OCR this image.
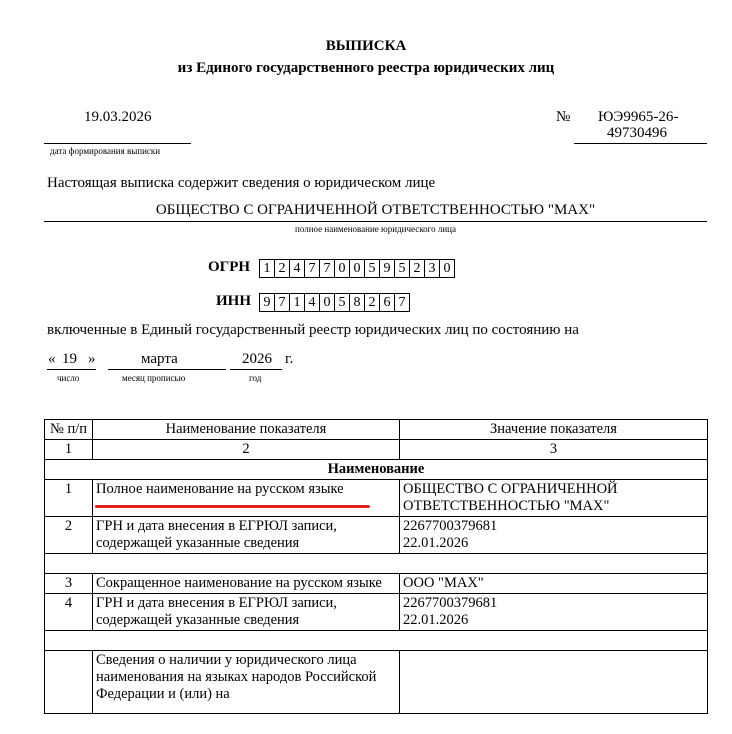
ВЫПИСКА
из Единого государственного реестра юридических лиц
19.03.2026
дата формирования выписки
№ ЮЭ9965-26-
49730496
Настоящая выписка содержит сведения о юридическом лице
ОБЩЕСТВО С ОГРАНИЧЕННОЙ ОТВЕТСТВЕННОСТЬЮ "МАХ"
полное наименование юридического лица
ОГРН 1 2 4 7 7 0 0 5 9 5 2 3 0
ИНН 9 7 1 4 0 5 8 2 6 7
включенные в Единый государственный реестр юридических лиц по состоянию на
« 19 »
число
марта
месяц прописью
2026 г.
год
№ п/п	Наименование показателя	Значение показателя
1	2	3
Наименование		
1	Полное наименование на русском языке	ОБЩЕСТВО С ОГРАНИЧЕННОЙ ОТВЕТСТВЕННОСТЬЮ "МАХ"
2	ГРН и дата внесения в ЕГРЮЛ записи, содержащей указанные сведения	2267700379681
22.01.2026

3	Сокращенное наименование на русском языке	ООО "МАХ"
4	ГРН и дата внесения в ЕГРЮЛ записи, содержащей указанные сведения	2267700379681
22.01.2026

	Сведения о наличии у юридического лица наименования на языках народов Российской Федерации и (или) на	
